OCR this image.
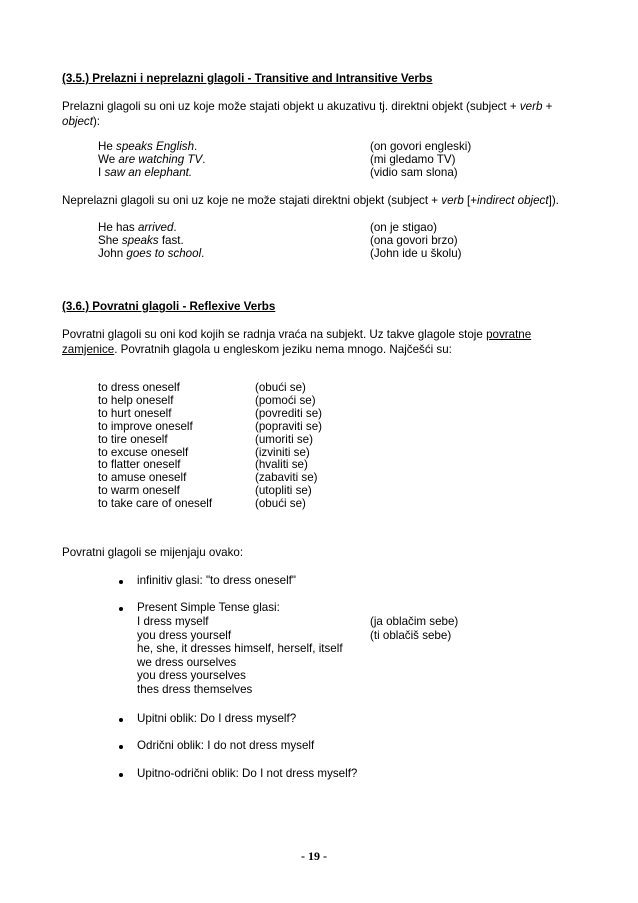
(3.5.) Prelazni i neprelazni glagoli - Transitive and Intransitive Verbs
Prelazni glagoli su oni uz koje može stajati objekt u akuzativu tj. direktni objekt (subject + verb +
object):
He speaks English.	(on govori engleski)
We are watching TV.	(mi gledamo TV)
I saw an elephant.	(vidio sam slona)
Neprelazni glagoli su oni uz koje ne može stajati direktni objekt (subject + verb [+indirect object]).
He has arrived.	(on je stigao)
She speaks fast.	(ona govori brzo)
John goes to school.	(John ide u školu)
(3.6.) Povratni glagoli - Reflexive Verbs
Povratni glagoli su oni kod kojih se radnja vraća na subjekt. Uz takve glagole stoje povratne
zamjenice. Povratnih glagola u engleskom jeziku nema mnogo. Najčešći su:
to dress oneself	(obući se)
to help oneself	(pomoći se)
to hurt oneself	(povrediti se)
to improve oneself	(popraviti se)
to tire oneself	(umoriti se)
to excuse oneself	(izviniti se)
to flatter oneself	(hvaliti se)
to amuse oneself	(zabaviti se)
to warm oneself	(utopliti se)
to take care of oneself	(obući se)
Povratni glagoli se mijenjaju ovako:
infinitiv glasi: "to dress oneself"
Present Simple Tense glasi:
I dress myself	(ja oblačim sebe)
you dress yourself	(ti oblačiš sebe)
he, she, it dresses himself, herself, itself
we dress ourselves
you dress yourselves
thes dress themselves
Upitni oblik: Do I dress myself?
Odrični oblik: I do not dress myself
Upitno-odrični oblik: Do I not dress myself?
- 19 -
